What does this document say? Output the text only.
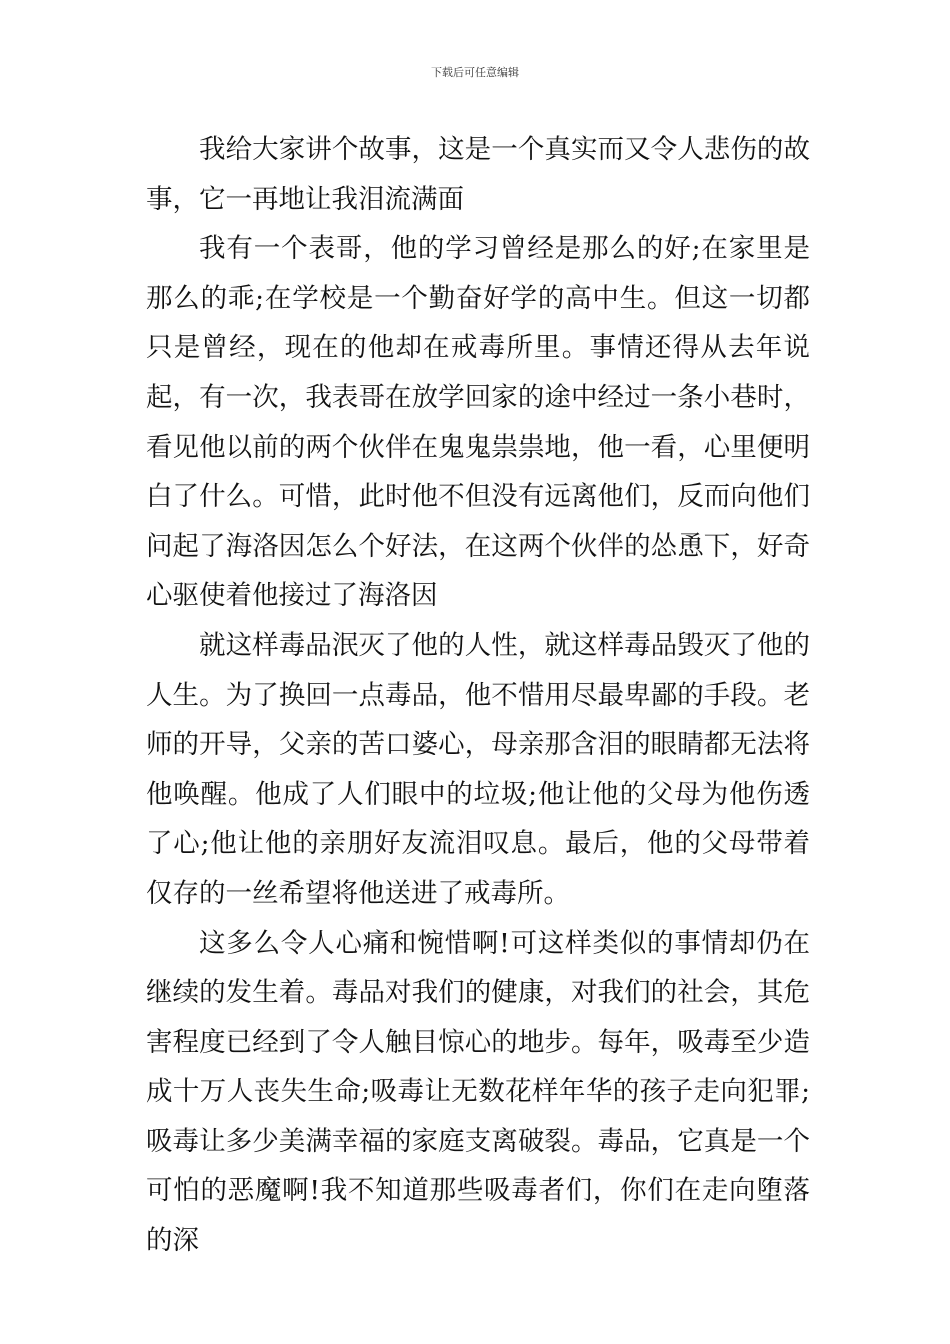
下载后可任意编辑

我给大家讲个故事，这是一个真实而又令人悲伤的故事，它一再地让我泪流满面

我有一个表哥，他的学习曾经是那么的好;在家里是那么的乖;在学校是一个勤奋好学的高中生。但这一切都只是曾经，现在的他却在戒毒所里。事情还得从去年说起，有一次，我表哥在放学回家的途中经过一条小巷时，看见他以前的两个伙伴在鬼鬼祟祟地，他一看，心里便明白了什么。可惜，此时他不但没有远离他们，反而向他们问起了海洛因怎么个好法，在这两个伙伴的怂恿下，好奇心驱使着他接过了海洛因

就这样毒品泯灭了他的人性，就这样毒品毁灭了他的人生。为了换回一点毒品，他不惜用尽最卑鄙的手段。老师的开导，父亲的苦口婆心，母亲那含泪的眼睛都无法将他唤醒。他成了人们眼中的垃圾;他让他的父母为他伤透了心;他让他的亲朋好友流泪叹息。最后，他的父母带着仅存的一丝希望将他送进了戒毒所。

这多么令人心痛和惋惜啊!可这样类似的事情却仍在继续的发生着。毒品对我们的健康，对我们的社会，其危害程度已经到了令人触目惊心的地步。每年，吸毒至少造成十万人丧失生命;吸毒让无数花样年华的孩子走向犯罪;吸毒让多少美满幸福的家庭支离破裂。毒品，它真是一个可怕的恶魔啊!我不知道那些吸毒者们，你们在走向堕落的深
